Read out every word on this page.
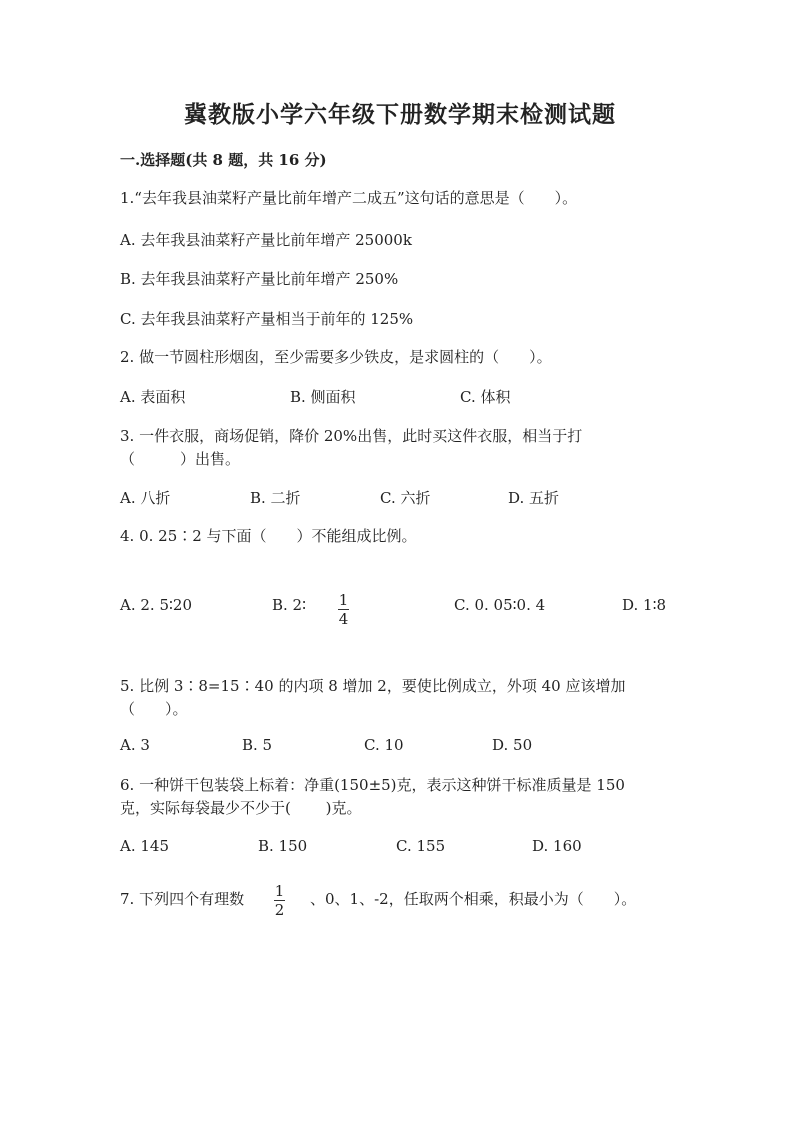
冀教版小学六年级下册数学期末检测试题
一.选择题(共 8 题，共 16 分)
1.“去年我县油菜籽产量比前年增产二成五”这句话的意思是（　　）。
A. 去年我县油菜籽产量比前年增产 25000k
B. 去年我县油菜籽产量比前年增产 250%
C. 去年我县油菜籽产量相当于前年的 125%
2. 做一节圆柱形烟囱，至少需要多少铁皮，是求圆柱的（　　）。
A. 表面积	B. 侧面积	C. 体积
3. 一件衣服，商场促销，降价 20%出售，此时买这件衣服，相当于打
（　　　）出售。
A. 八折	B. 二折	C. 六折	D. 五折
4. 0. 25∶2 与下面（　　）不能组成比例。
A. 2. 5∶20	B. 2∶ 1
4
C. 0. 05∶0. 4	D. 1∶8
5. 比例 3∶8=15∶40 的内项 8 增加 2，要使比例成立，外项 40 应该增加
（　　）。
A. 3	B. 5	C. 10	D. 50
6. 一种饼干包装袋上标着：净重(150±5)克，表示这种饼干标准质量是 150
克，实际每袋最少不少于(　　 )克。
A. 145	B. 150	C. 155	D. 160
7. 下列四个有理数 1
2
、0、1、-2，任取两个相乘，积最小为（　　）。
